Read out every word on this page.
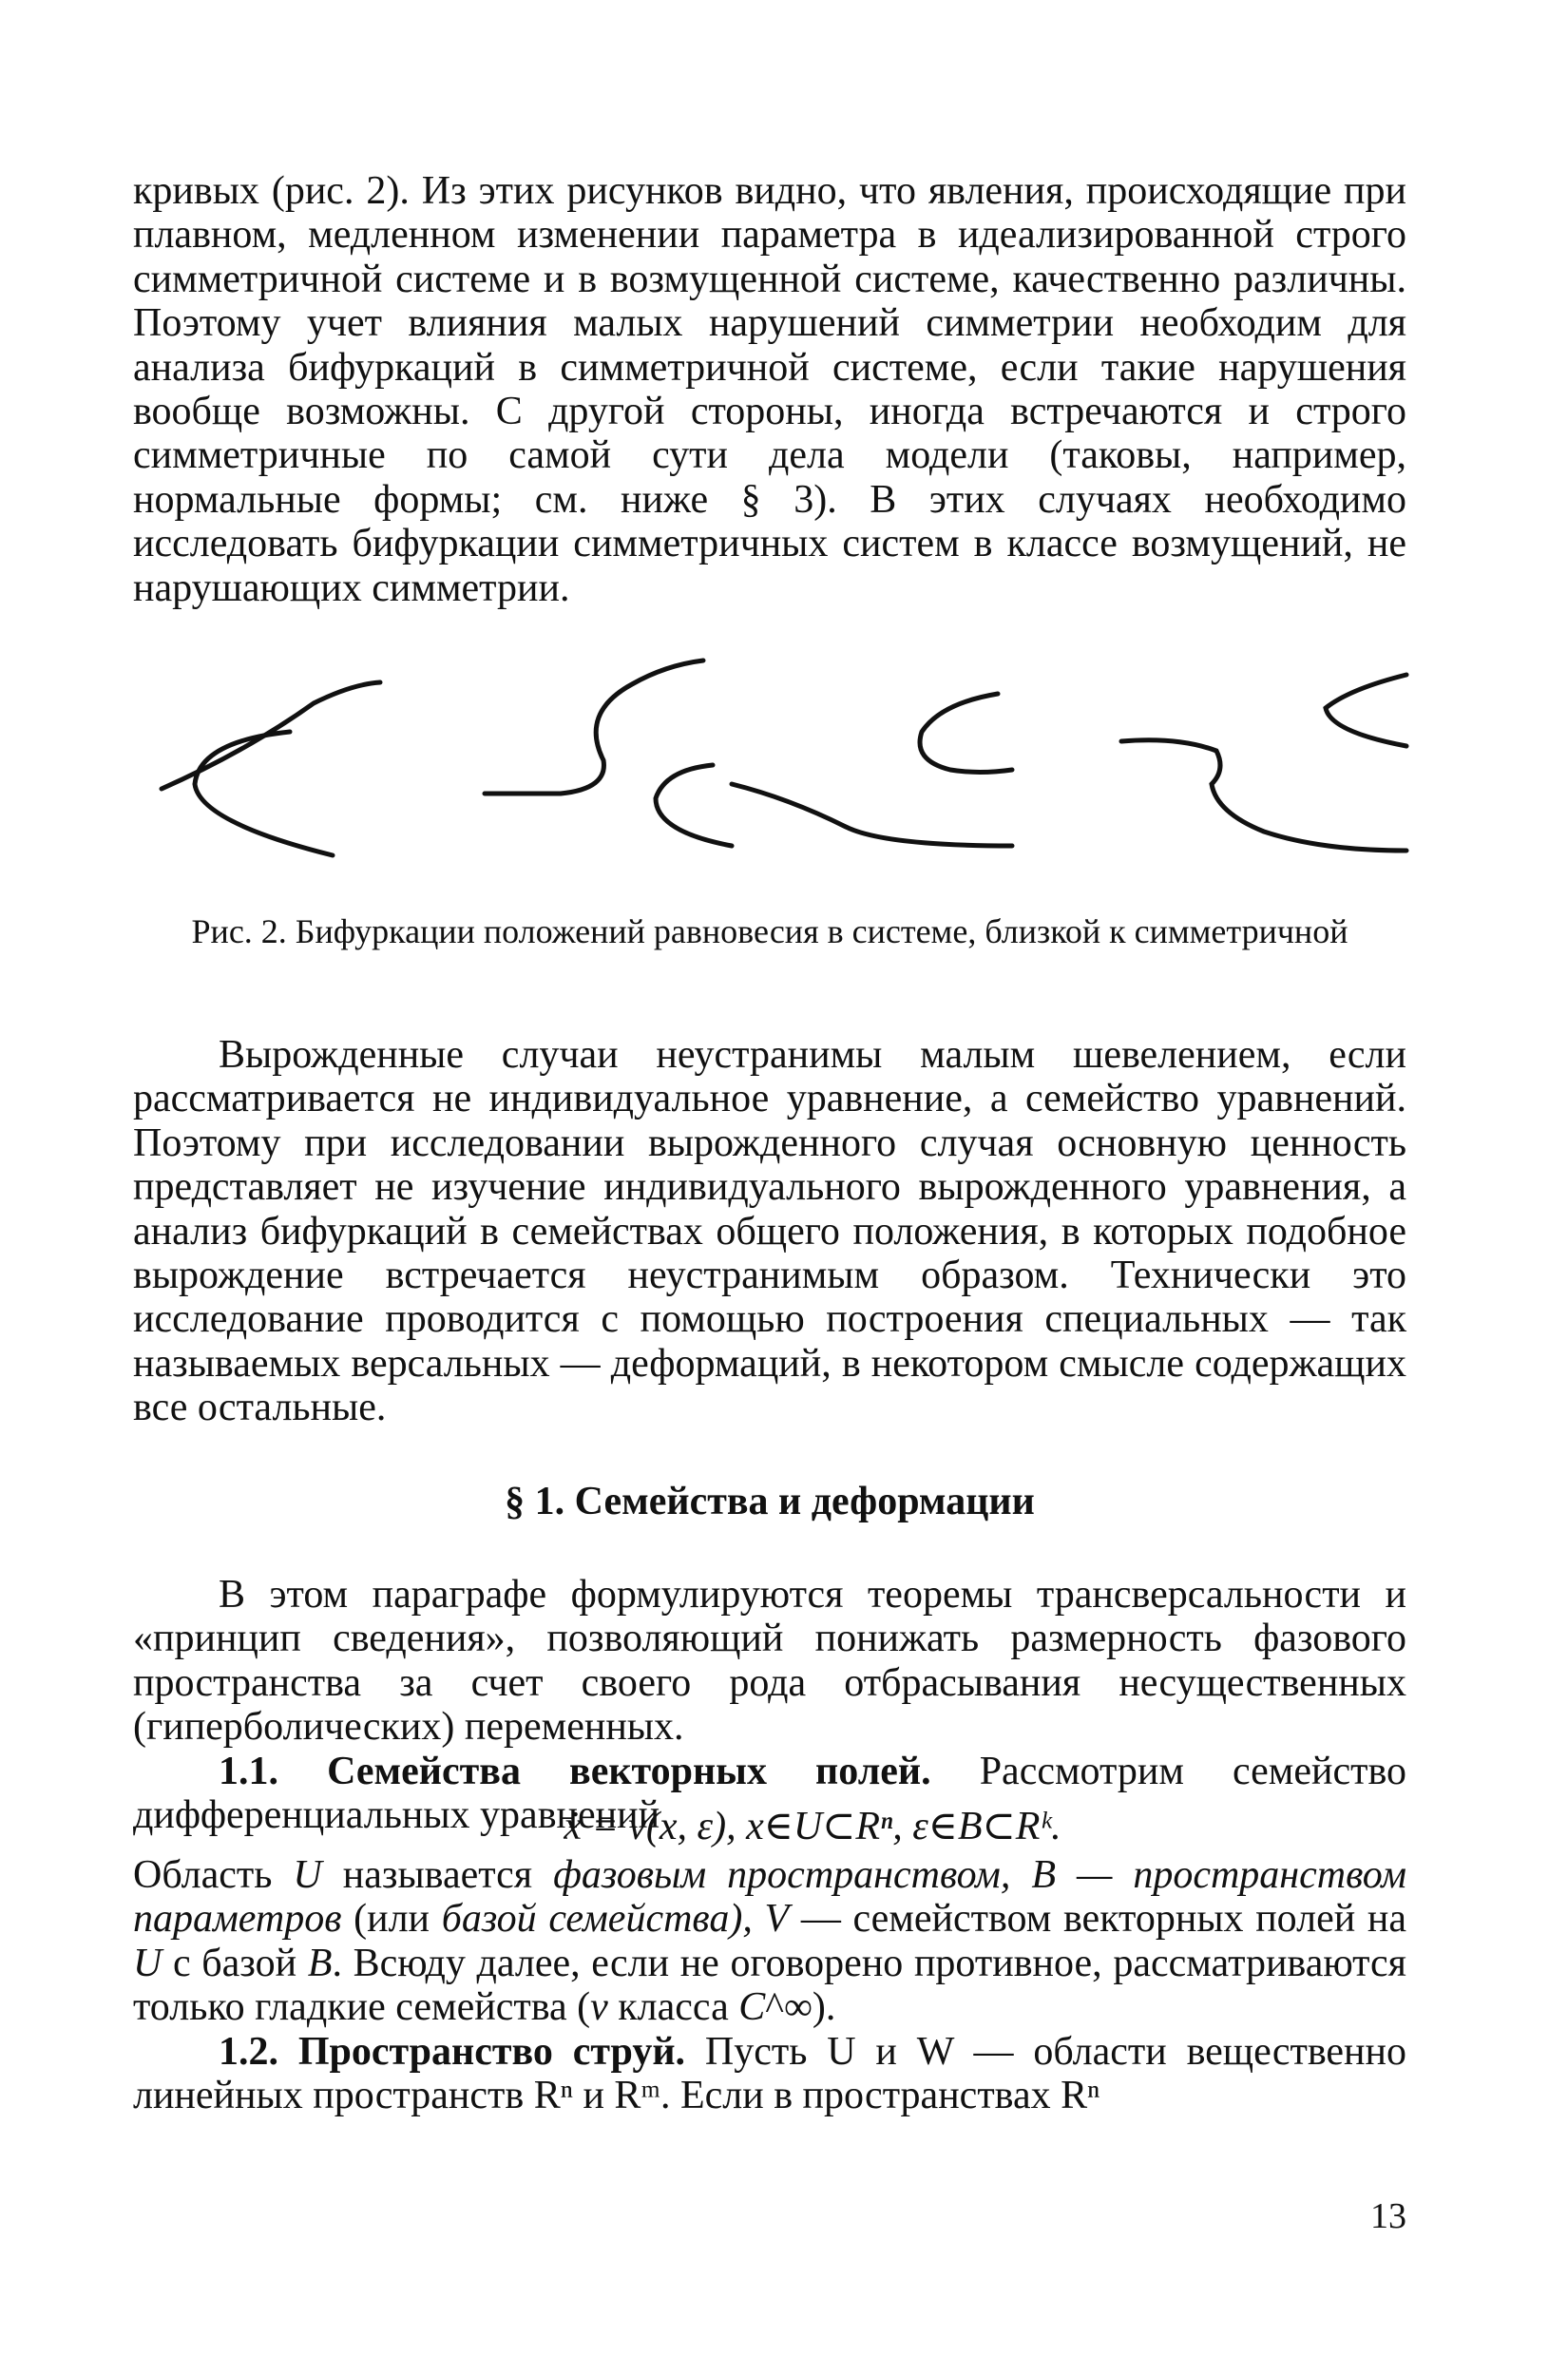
кривых (рис. 2). Из этих рисунков видно, что явления, происходящие при плавном, медленном изменении параметра в идеализированной строго симметричной системе и в возмущенной системе, качественно различны. Поэтому учет влияния малых нарушений симметрии необходим для анализа бифуркаций в симметричной системе, если такие нарушения вообще возможны. С другой стороны, иногда встречаются и строго симметричные по самой сути дела модели (таковы, например, нормальные формы; см. ниже § 3). В этих случаях необходимо исследовать бифуркации симметричных систем в классе возмущений, не нарушающих симметрии.

Рис. 2. Бифуркации положений равновесия в системе, близкой к симметричной

Вырожденные случаи неустранимы малым шевелением, если рассматривается не индивидуальное уравнение, а семейство уравнений. Поэтому при исследовании вырожденного случая основную ценность представляет не изучение индивидуального вырожденного уравнения, а анализ бифуркаций в семействах общего положения, в которых подобное вырождение встречается неустранимым образом. Технически это исследование проводится с помощью построения специальных — так называемых версальных — деформаций, в некотором смысле содержащих все остальные.

§ 1. Семейства и деформации

В этом параграфе формулируются теоремы трансверсальности и «принцип сведения», позволяющий понижать размерность фазового пространства за счет своего рода отбрасывания несущественных (гиперболических) переменных.

1.1. Семейства векторных полей. Рассмотрим семейство дифференциальных уравнений

ẋ = v(x, ε), x∈U⊂Rⁿ, ε∈B⊂Rᵏ.

Область U называется фазовым пространством, B — пространством параметров (или базой семейства), V — семейством векторных полей на U с базой B. Всюду далее, если не оговорено противное, рассматриваются только гладкие семейства (v класса C^∞).

1.2. Пространство струй. Пусть U и W — области вещественно линейных пространств Rⁿ и Rᵐ. Если в пространствах Rⁿ

13
